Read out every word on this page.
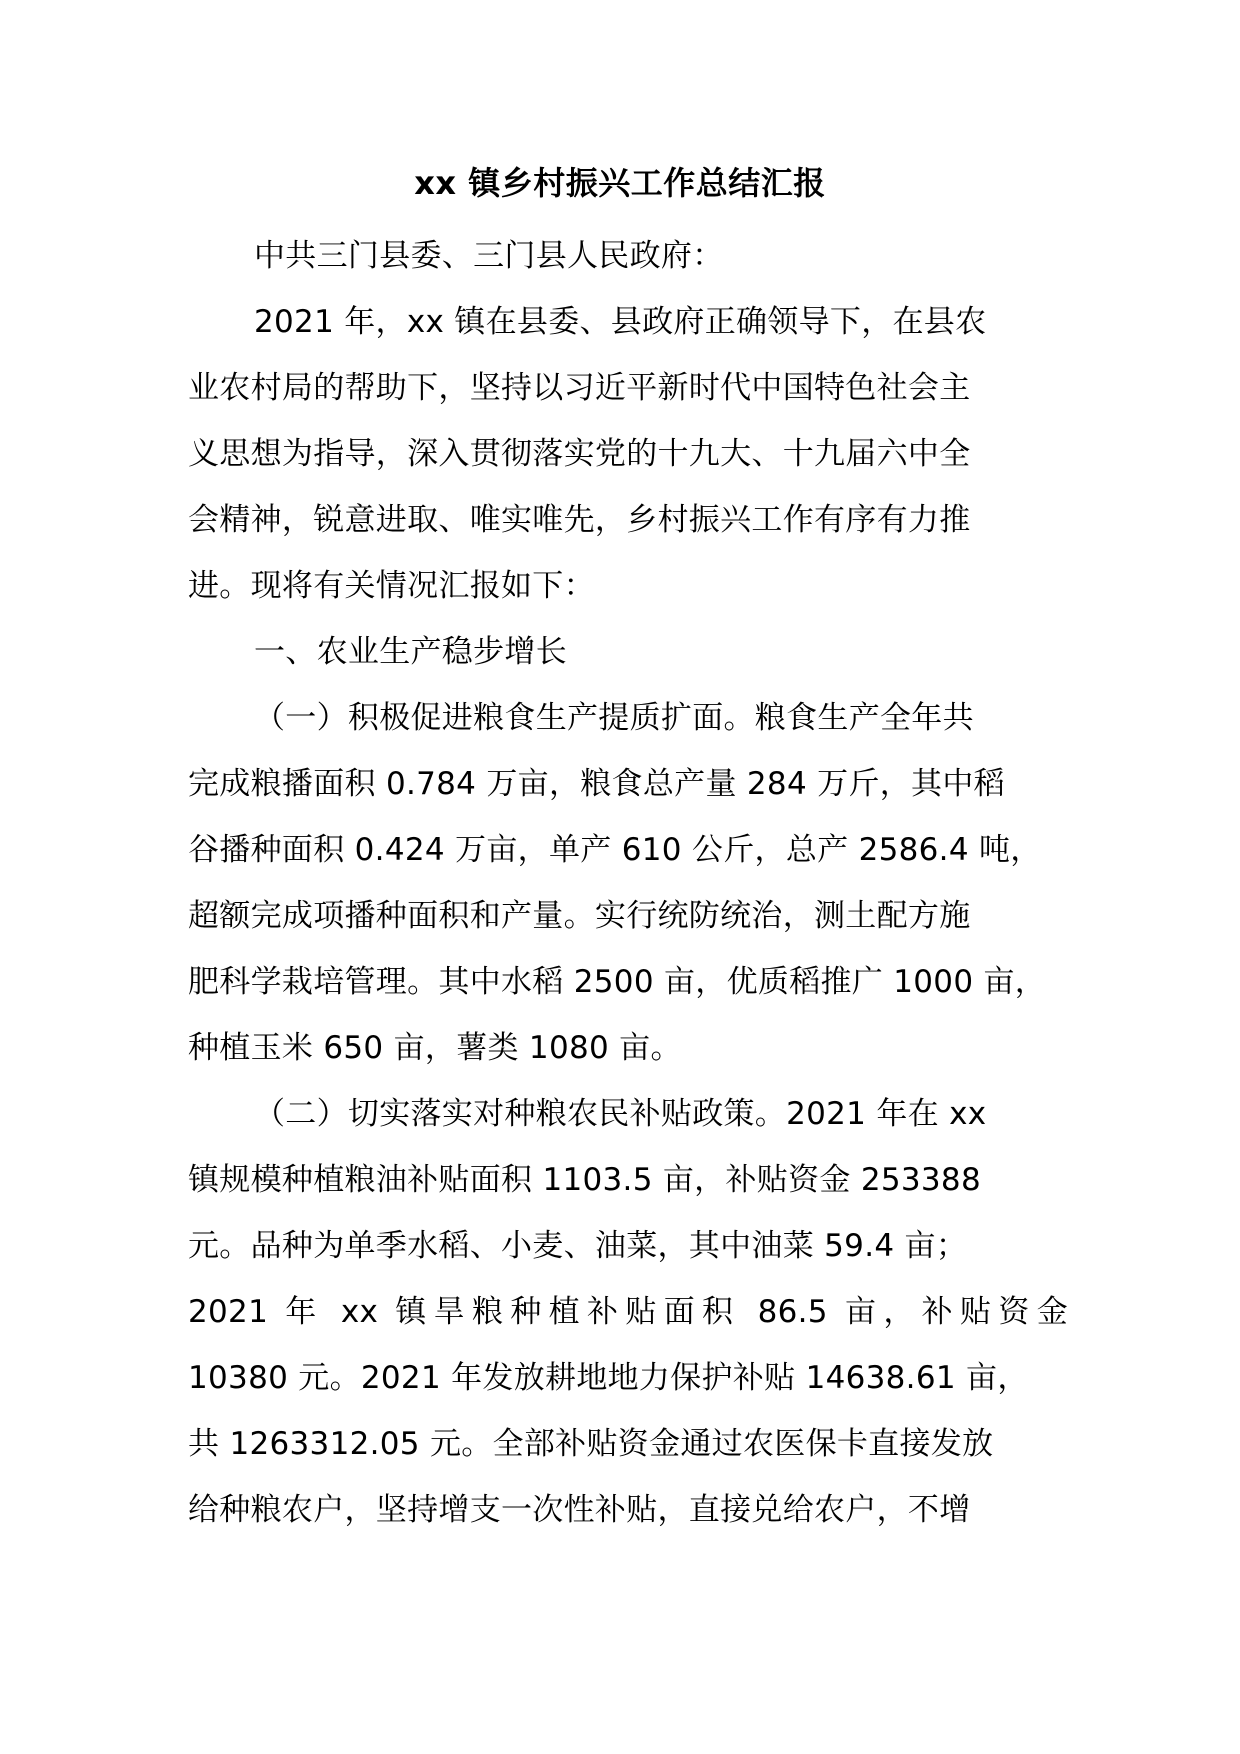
xx 镇乡村振兴工作总结汇报
中共三门县委、三门县人民政府：
2021 年，xx 镇在县委、县政府正确领导下，在县农
业农村局的帮助下，坚持以习近平新时代中国特色社会主
义思想为指导，深入贯彻落实党的十九大、十九届六中全
会精神，锐意进取、唯实唯先，乡村振兴工作有序有力推
进。现将有关情况汇报如下：
一、农业生产稳步增长
（一）积极促进粮食生产提质扩面。粮食生产全年共
完成粮播面积 0.784 万亩，粮食总产量 284 万斤，其中稻
谷播种面积 0.424 万亩，单产 610 公斤，总产 2586.4 吨，
超额完成项播种面积和产量。实行统防统治，测土配方施
肥科学栽培管理。其中水稻 2500 亩，优质稻推广 1000 亩，
种植玉米 650 亩，薯类 1080 亩。
（二）切实落实对种粮农民补贴政策。2021 年在 xx
镇规模种植粮油补贴面积 1103.5 亩，补贴资金 253388
元。品种为单季水稻、小麦、油菜，其中油菜 59.4 亩；
2021 年 xx 镇旱粮种植补贴面积 86.5 亩，补贴资金
10380 元。2021 年发放耕地地力保护补贴 14638.61 亩，
共 1263312.05 元。全部补贴资金通过农医保卡直接发放
给种粮农户，坚持增支一次性补贴，直接兑给农户，不增
